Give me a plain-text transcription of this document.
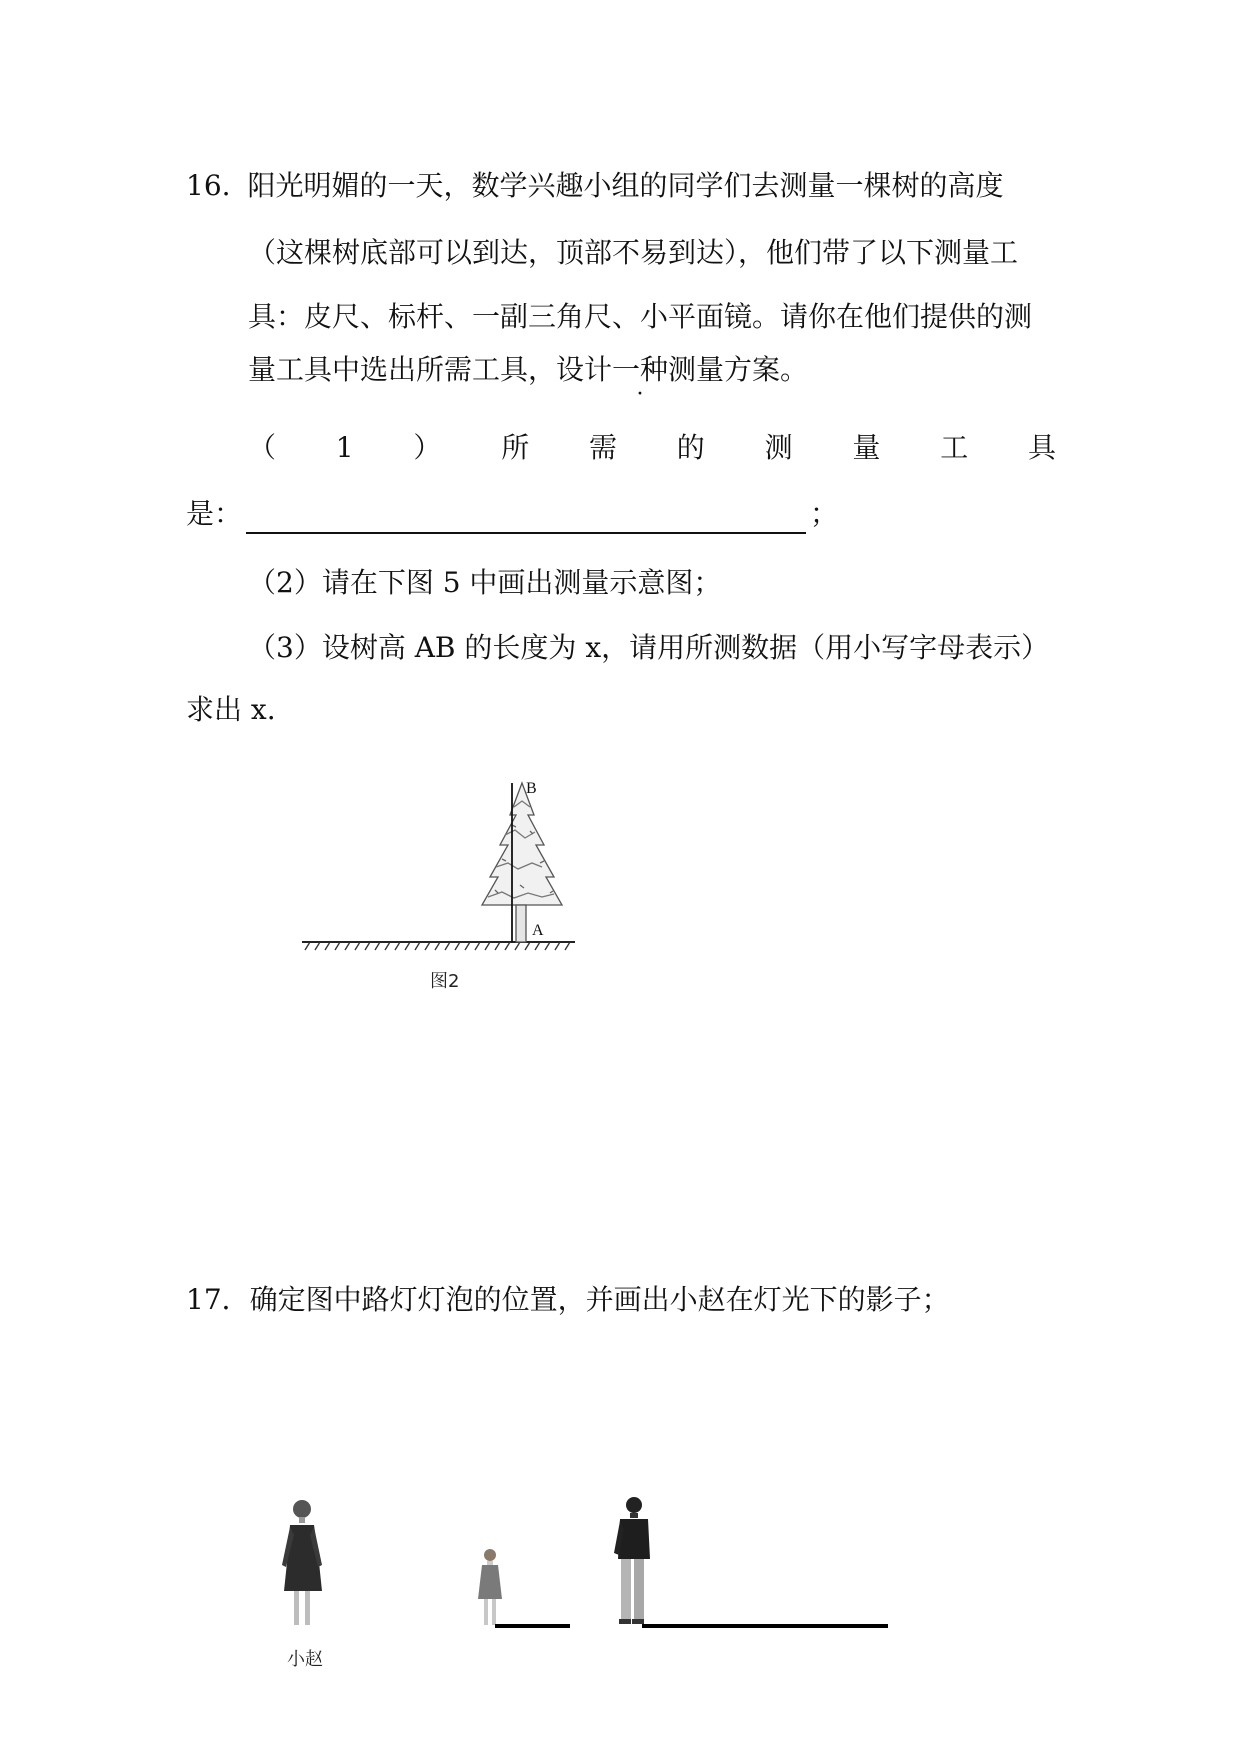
16. 阳光明媚的一天，数学兴趣小组的同学们去测量一棵树的高度
（这棵树底部可以到达，顶部不易到达），他们带了以下测量工
具：皮尺、标杆、一副三角尺、小平面镜。请你在他们提供的测
量工具中选出所需工具，设计一种测量方案。
（ 1 ） 所 需 的 测 量 工 具
是：	；
（2）请在下图 5 中画出测量示意图；
（3）设树高 AB 的长度为 x，请用所测数据（用小写字母表示）
求出 x.
B
A
图2
17．确定图中路灯灯泡的位置，并画出小赵在灯光下的影子；
小赵
